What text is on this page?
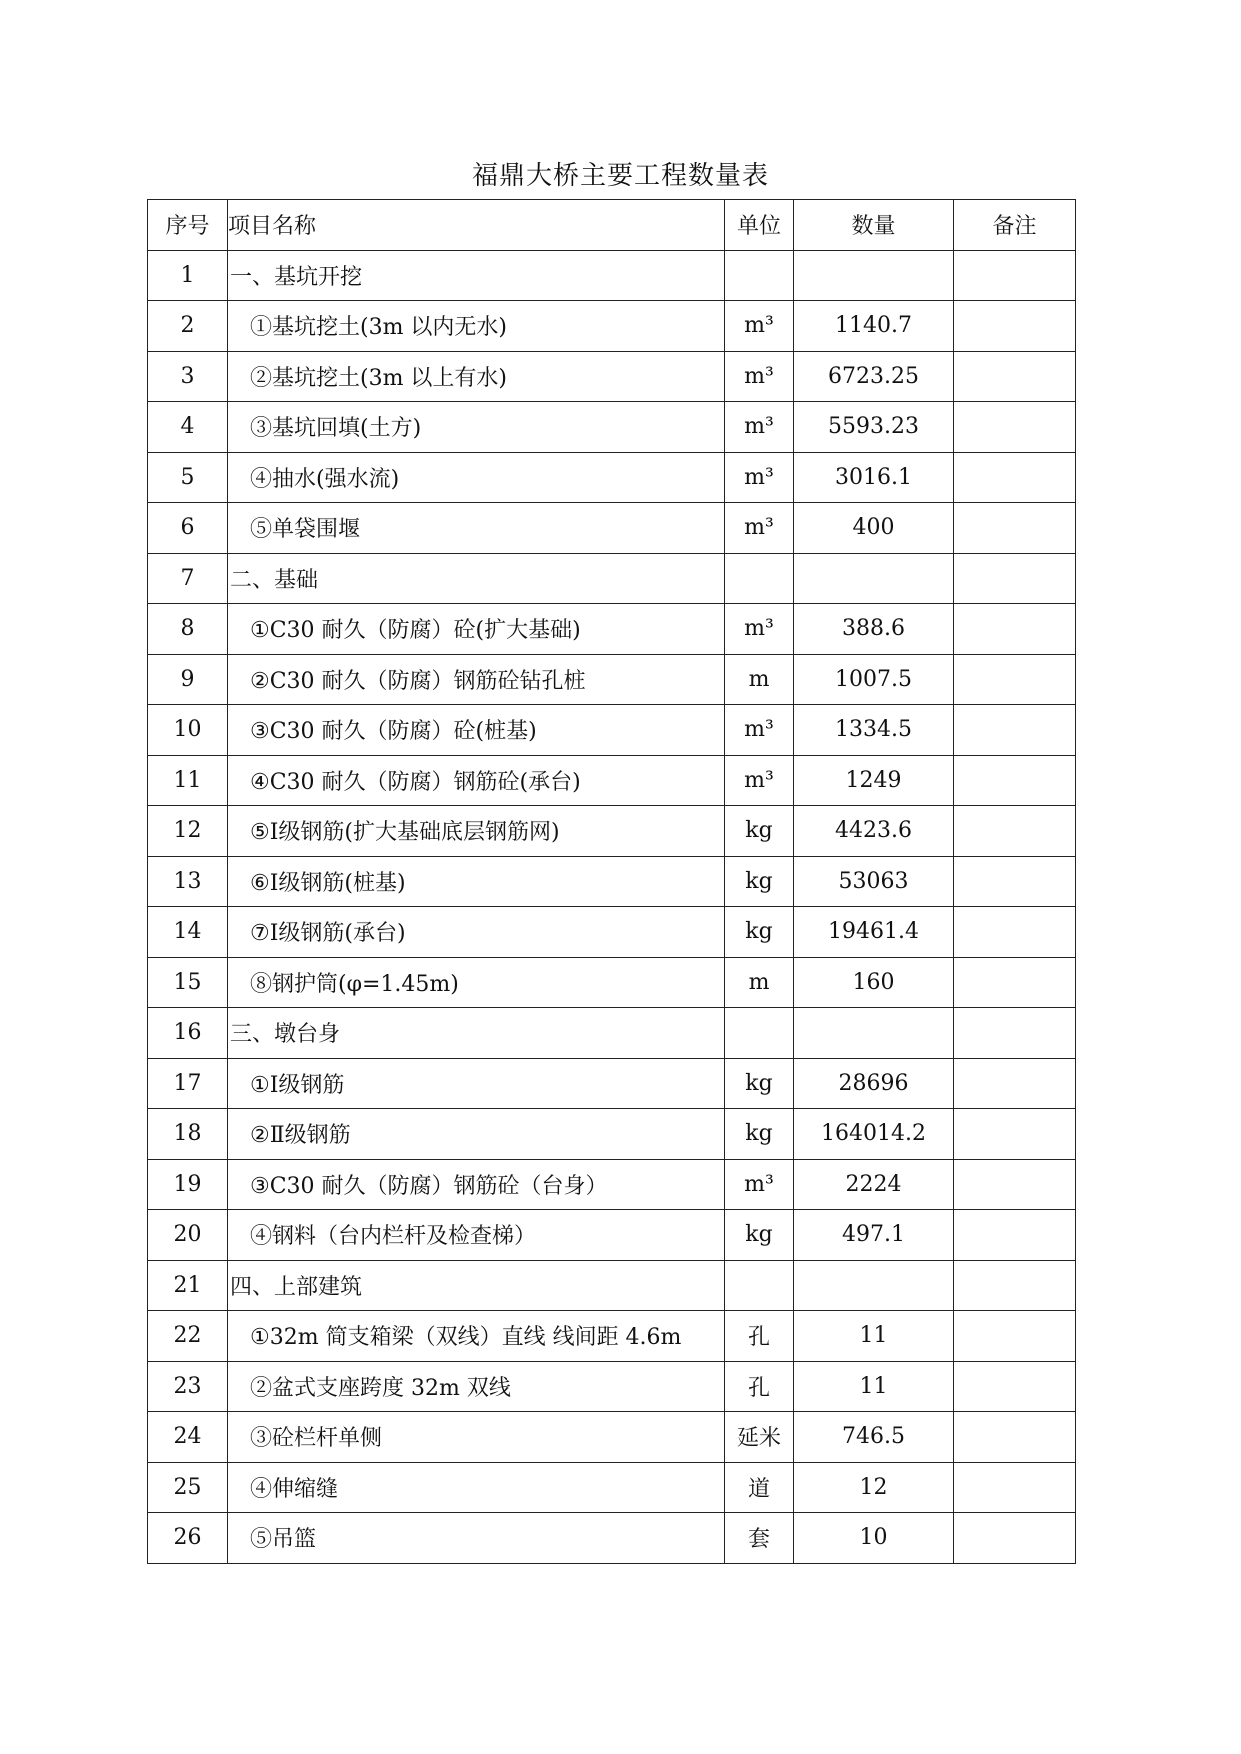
福鼎大桥主要工程数量表
序号	项目名称	单位	数量	备注
1	一、基坑开挖			
2	①基坑挖土(3m 以内无水)	m³	1140.7	
3	②基坑挖土(3m 以上有水)	m³	6723.25	
4	③基坑回填(土方)	m³	5593.23	
5	④抽水(强水流)	m³	3016.1	
6	⑤单袋围堰	m³	400	
7	二、基础			
8	①C30 耐久（防腐）砼(扩大基础)	m³	388.6	
9	②C30 耐久（防腐）钢筋砼钻孔桩	m	1007.5	
10	③C30 耐久（防腐）砼(桩基)	m³	1334.5	
11	④C30 耐久（防腐）钢筋砼(承台)	m³	1249	
12	⑤Ⅰ级钢筋(扩大基础底层钢筋网)	kg	4423.6	
13	⑥Ⅰ级钢筋(桩基)	kg	53063	
14	⑦Ⅰ级钢筋(承台)	kg	19461.4	
15	⑧钢护筒(φ=1.45m)	m	160	
16	三、墩台身			
17	①Ⅰ级钢筋	kg	28696	
18	②Ⅱ级钢筋	kg	164014.2	
19	③C30 耐久（防腐）钢筋砼（台身）	m³	2224	
20	④钢料（台内栏杆及检查梯）	kg	497.1	
21	四、上部建筑			
22	①32m 简支箱梁（双线）直线 线间距 4.6m	孔	11	
23	②盆式支座跨度 32m 双线	孔	11	
24	③砼栏杆单侧	延米	746.5	
25	④伸缩缝	道	12	
26	⑤吊篮	套	10	
